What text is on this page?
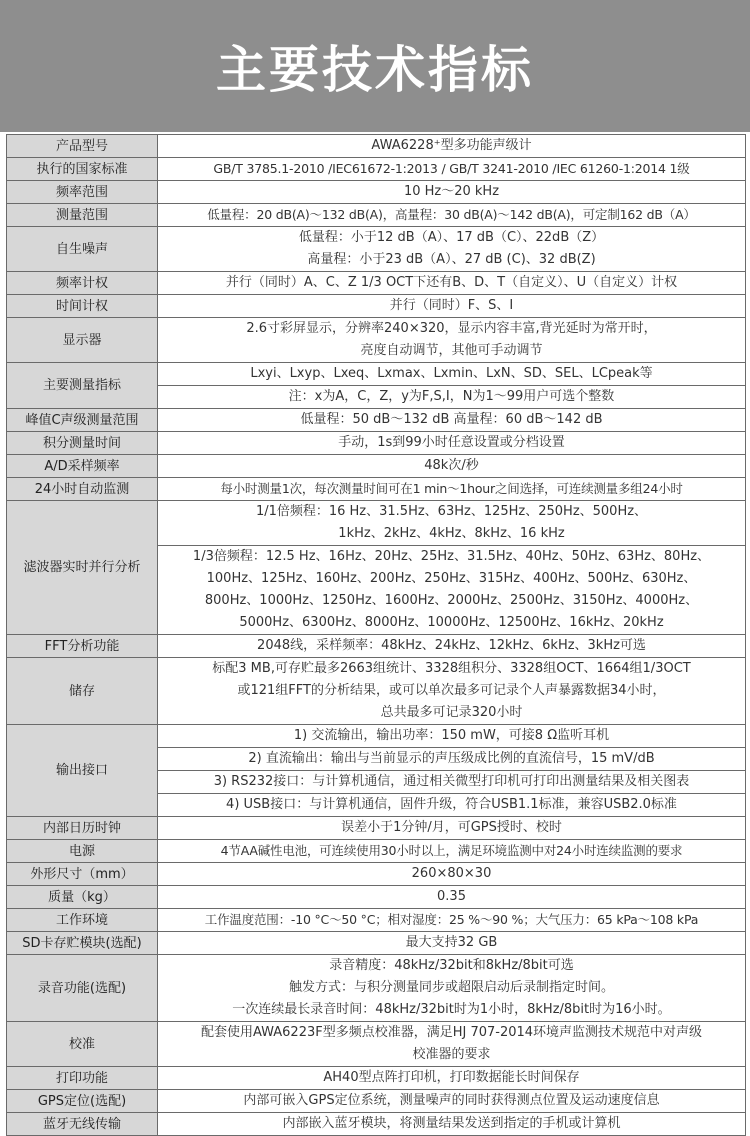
主要技术指标
产品型号	AWA6228⁺型多功能声级计

执行的国家标准	GB/T 3785.1-2010 /IEC61672-1:2013 / GB/T 3241-2010 /IEC 61260-1:2014 1级

频率范围	10 Hz～20 kHz

测量范围	低量程：20 dB(A)～132 dB(A)，高量程：30 dB(A)～142 dB(A)，可定制162 dB（A）

自生噪声	低量程：小于12 dB（A）、17 dB（C）、22dB（Z）
高量程：小于23 dB（A）、27 dB (C)、32 dB(Z)

频率计权	并行（同时）A、C、Z 1/3 OCT下还有B、D、T（自定义）、U（自定义）计权

时间计权	并行（同时）F、S、I

显示器	2.6寸彩屏显示，分辨率240×320，显示内容丰富,背光延时为常开时，
亮度自动调节，其他可手动调节

主要测量指标	Lxyi、Lxyp、Lxeq、Lxmax、Lxmin、LxN、SD、SEL、LCpeak等

	注：x为A，C，Z，y为F,S,I，N为1～99用户可选个整数

峰值C声级测量范围	低量程：50 dB～132 dB 高量程：60 dB～142 dB

积分测量时间	手动，1s到99小时任意设置或分档设置

A/D采样频率	48k次/秒

24小时自动监测	每小时测量1次，每次测量时间可在1 min～1hour之间选择，可连续测量多组24小时

滤波器实时并行分析	1/1倍频程：16 Hz、31.5Hz、63Hz、125Hz、250Hz、500Hz、
1kHz、2kHz、4kHz、8kHz、16 kHz

	1/3倍频程：12.5 Hz、16Hz、20Hz、25Hz、31.5Hz、40Hz、50Hz、63Hz、80Hz、
100Hz、125Hz、160Hz、200Hz、250Hz、315Hz、400Hz、500Hz、630Hz、
800Hz、1000Hz、1250Hz、1600Hz、2000Hz、2500Hz、3150Hz、4000Hz、
5000Hz、6300Hz、8000Hz、10000Hz、12500Hz、16kHz、20kHz

FFT分析功能	2048线，采样频率：48kHz、24kHz、12kHz、6kHz、3kHz可选

储存	标配3 MB,可存贮最多2663组统计、3328组积分、3328组OCT、1664组1/3OCT
或121组FFT的分析结果，或可以单次最多可记录个人声暴露数据34小时，
总共最多可记录320小时

输出接口	1) 交流输出，输出功率：150 mW，可接8 Ω监听耳机

	2) 直流输出：输出与当前显示的声压级成比例的直流信号，15 mV/dB

	3) RS232接口：与计算机通信，通过相关微型打印机可打印出测量结果及相关图表

	4) USB接口：与计算机通信，固件升级，符合USB1.1标准，兼容USB2.0标准

内部日历时钟	误差小于1分钟/月，可GPS授时、校时

电源	4节AA碱性电池，可连续使用30小时以上，满足环境监测中对24小时连续监测的要求

外形尺寸（mm）	260×80×30

质量（kg）	0.35

工作环境	工作温度范围：-10 °C～50 °C；相对湿度：25 %～90 %；大气压力：65 kPa～108 kPa

SD卡存贮模块(选配)	最大支持32 GB

录音功能(选配)	录音精度：48kHz/32bit和8kHz/8bit可选
触发方式：与积分测量同步或超限启动后录制指定时间。
一次连续最长录音时间：48kHz/32bit时为1小时，8kHz/8bit时为16小时。

校准	配套使用AWA6223F型多频点校准器，满足HJ 707-2014环境声监测技术规范中对声级
校准器的要求

打印功能	AH40型点阵打印机，打印数据能长时间保存

GPS定位(选配)	内部可嵌入GPS定位系统，测量噪声的同时获得测点位置及运动速度信息

蓝牙无线传输	内部嵌入蓝牙模块，将测量结果发送到指定的手机或计算机
